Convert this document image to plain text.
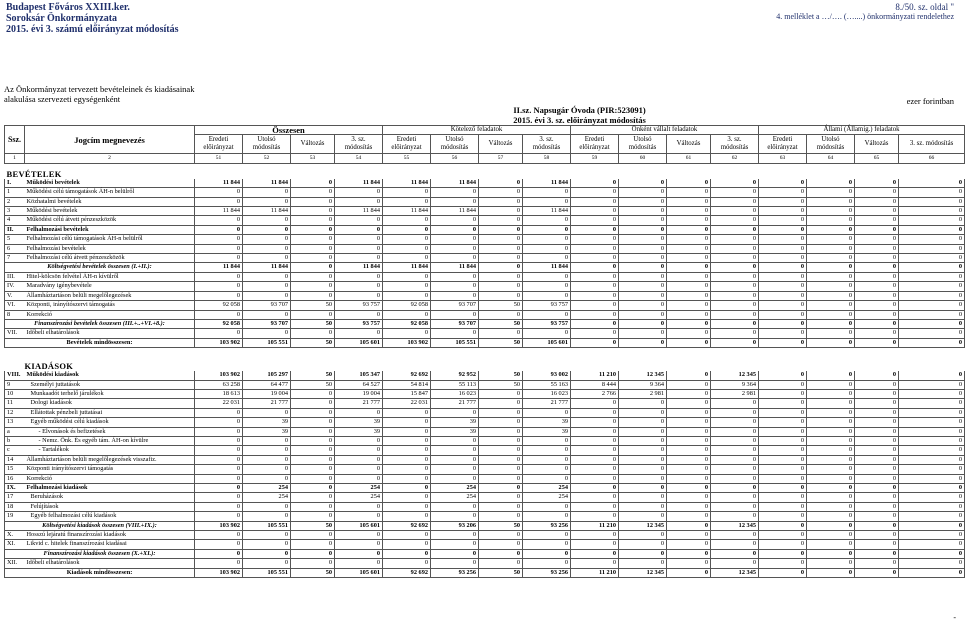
Budapest Főváros XXIII.ker.
Soroksár Önkormányzata
2015. évi 3. számú előirányzat módosítás
8./50. sz. oldal "
4. melléklet a …/…. (…....) önkormányzati rendelethez
Az Önkormányzat tervezett bevételeinek és kiadásainak
alakulása szervezeti egységenként	ezer forintban
		II.sz. Napsugár Óvoda (PIR:523091)															
		2015. évi 3. sz. előirányzat módosítás															
Ssz.	Jogcím megnevezés	Összesen				Kötelező feladatok				Önként vállalt feladatok				Állami (Államig.) feladatok			
		Eredeti előirányzat	Utolsó módosítás	Változás	3. sz. módosítás	Eredeti előirányzat	Utolsó módosítás	Változás	3. sz. módosítás	Eredeti előirányzat	Utolsó módosítás	Változás	3. sz. módosítás	Eredeti előirányzat	Utolsó módosítás	Változás	3. sz. módosítás
1	2	51	52	53	54	55	56	57	58	59	60	61	62	63	64	65	66

BEVÉTELEK																	
I.	Működési bevételek	11 844	11 844	0	11 844	11 844	11 844	0	11 844	0	0	0	0	0	0	0	0
1	Működési célú támogatások ÁH-n belülről	0	0	0	0	0	0	0	0	0	0	0	0	0	0	0	0
2	Közhatalmi bevételek	0	0	0	0	0	0	0	0	0	0	0	0	0	0	0	0
3	Működési bevételek	11 844	11 844	0	11 844	11 844	11 844	0	11 844	0	0	0	0	0	0	0	0
4	Működési célú átvett pénzeszközök	0	0	0	0	0	0	0	0	0	0	0	0	0	0	0	0
II.	Felhalmozási bevételek	0	0	0	0	0	0	0	0	0	0	0	0	0	0	0	0
5	Felhalmozási célú támogatások ÁH-n belülről	0	0	0	0	0	0	0	0	0	0	0	0	0	0	0	0
6	Felhalmozási bevételek	0	0	0	0	0	0	0	0	0	0	0	0	0	0	0	0
7	Felhalmozási célú átvett pénzeszközök	0	0	0	0	0	0	0	0	0	0	0	0	0	0	0	0
Költségvetési bevételek összesen (I.+II.):		11 844	11 844	0	11 844	11 844	11 844	0	11 844	0	0	0	0	0	0	0	0
III.	Hitel-kölcsön felvétel ÁH-n kívülről	0	0	0	0	0	0	0	0	0	0	0	0	0	0	0	0
IV.	Maradvány igénybevétele	0	0	0	0	0	0	0	0	0	0	0	0	0	0	0	0
V.	Államháztartáson belüli megelőlegezések	0	0	0	0	0	0	0	0	0	0	0	0	0	0	0	0
VI.	Központi, irányítószervi támogatás	92 058	93 707	50	93 757	92 058	93 707	50	93 757	0	0	0	0	0	0	0	0
8	Korrekció	0	0	0	0	0	0	0	0	0	0	0	0	0	0	0	0
Finanszírozási bevételek összesen (III.+..+VI.+8.):		92 058	93 707	50	93 757	92 058	93 707	50	93 757	0	0	0	0	0	0	0	0
VII.	Időbeli elhatárolások	0	0	0	0	0	0	0	0	0	0	0	0	0	0	0	0
Bevételek mindösszesen:		103 902	105 551	50	105 601	103 902	105 551	50	105 601	0	0	0	0	0	0	0	0

KIADÁSOK																	
VIII.	Működési kiadások	103 902	105 297	50	105 347	92 692	92 952	50	93 002	11 210	12 345	0	12 345	0	0	0	0
9	Személyi juttatások	63 258	64 477	50	64 527	54 814	55 113	50	55 163	8 444	9 364	0	9 364	0	0	0	0
10	Munkaadót terhelő járulékok	18 613	19 004	0	19 004	15 847	16 023	0	16 023	2 766	2 981	0	2 981	0	0	0	0
11	Dologi kiadások	22 031	21 777	0	21 777	22 031	21 777	0	21 777	0	0	0	0	0	0	0	0
12	Ellátottak pénzbeli juttatásai	0	0	0	0	0	0	0	0	0	0	0	0	0	0	0	0
13	Egyéb működési célú kiadások	0	39	0	39	0	39	0	39	0	0	0	0	0	0	0	0
a	- Elvonások és befizetések	0	39	0	39	0	39	0	39	0	0	0	0	0	0	0	0
b	- Nemz. Önk. És egyéb tám. ÁH-on kívülre	0	0	0	0	0	0	0	0	0	0	0	0	0	0	0	0
c	- Tartalékok	0	0	0	0	0	0	0	0	0	0	0	0	0	0	0	0
14	Államháztartáson belüli megelőlegezések visszafiz.	0	0	0	0	0	0	0	0	0	0	0	0	0	0	0	0
15	Központi irányítószervi támogatás	0	0	0	0	0	0	0	0	0	0	0	0	0	0	0	0
16	Korrekció	0	0	0	0	0	0	0	0	0	0	0	0	0	0	0	0
IX.	Felhalmozási kiadások	0	254	0	254	0	254	0	254	0	0	0	0	0	0	0	0
17	Beruházások	0	254	0	254	0	254	0	254	0	0	0	0	0	0	0	0
18	Felújítások	0	0	0	0	0	0	0	0	0	0	0	0	0	0	0	0
19	Egyéb felhalmozási célú kiadások	0	0	0	0	0	0	0	0	0	0	0	0	0	0	0	0
Költségvetési kiadások összesen (VIII.+IX.):		103 902	105 551	50	105 601	92 692	93 206	50	93 256	11 210	12 345	0	12 345	0	0	0	0
X.	Hosszú lejáratú finanszírozási kiadások	0	0	0	0	0	0	0	0	0	0	0	0	0	0	0	0
XI.	Likvid c. hitelek finanszírozási kiadásai	0	0	0	0	0	0	0	0	0	0	0	0	0	0	0	0
Finanszírozási kiadások összesen (X.+XI.):		0	0	0	0	0	0	0	0	0	0	0	0	0	0	0	0
XII.	Időbeli elhatárolások	0	0	0	0	0	0	0	0	0	0	0	0	0	0	0	0
Kiadások mindösszesen:		103 902	105 551	50	105 601	92 692	93 256	50	93 256	11 210	12 345	0	12 345	0	0	0	0
-
